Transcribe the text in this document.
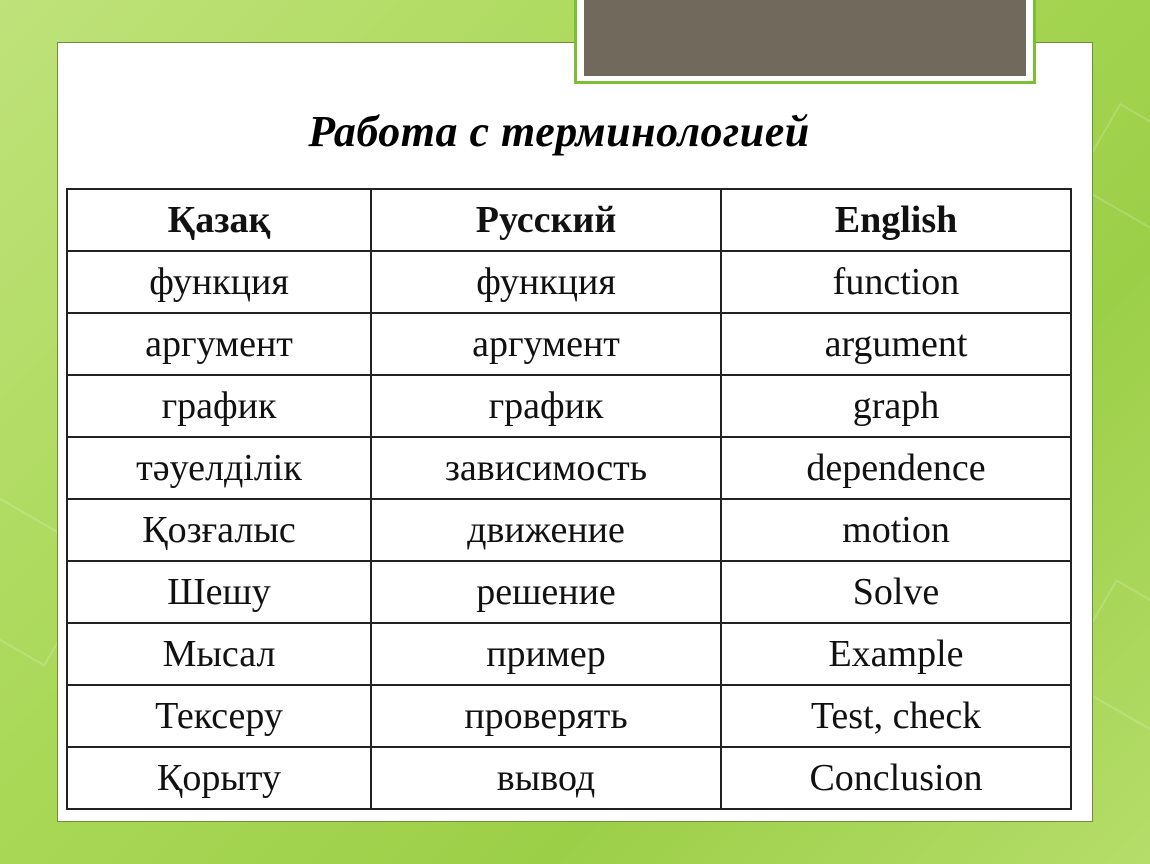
Работа с терминологией
Қазақ	Русский	English
функция	функция	function
аргумент	аргумент	argument
график	график	graph
тәуелділік	зависимость	dependence
Қозғалыс	движение	motion
Шешу	решение	Solve
Мысал	пример	Example
Тексеру	проверять	Test, check
Қорыту	вывод	Conclusion
